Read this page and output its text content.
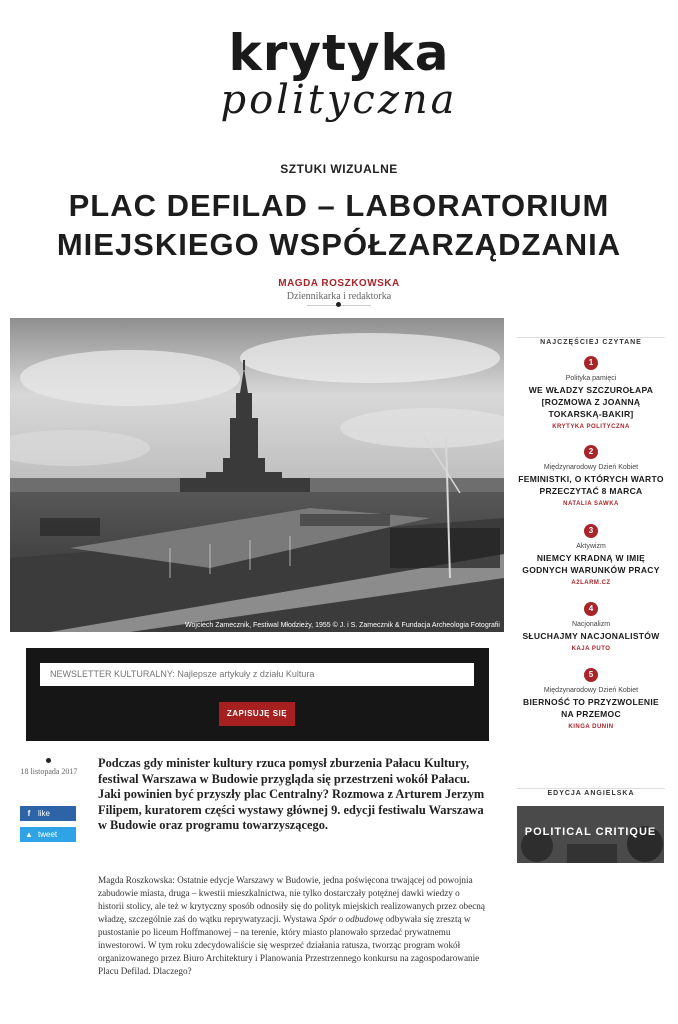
krytyka
polityczna
SZTUKI WIZUALNE
PLAC DEFILAD – LABORATORIUM MIEJSKIEGO WSPÓŁZARZĄDZANIA
MAGDA ROSZKOWSKA
Dziennikarka i redaktorka
Wojciech Zamecznik, Festiwal Młodzieży, 1955 © J. i S. Zamecznik & Fundacja Archeologia Fotografii
NEWSLETTER KULTURALNY: Najlepsze artykuły z działu Kultura
ZAPISUJĘ SIĘ
18 listopada 2017
f like
▲ tweet

Podczas gdy minister kultury rzuca pomysł zburzenia Pałacu Kultury, festiwal Warszawa w Budowie przygląda się przestrzeni wokół Pałacu. Jaki powinien być przyszły plac Centralny? Rozmowa z Arturem Jerzym Filipem, kuratorem części wystawy głównej 9. edycji festiwalu Warszawa w Budowie oraz programu towarzyszącego.

Magda Roszkowska: Ostatnie edycje Warszawy w Budowie, jedna poświęcona trwającej od powojnia zabudowie miasta, druga – kwestii mieszkalnictwa, nie tylko dostarczały potężnej dawki wiedzy o historii stolicy, ale też w krytyczny sposób odnosiły się do polityk miejskich realizowanych przez obecną władzę, szczególnie zaś do wątku reprywatyzacji. Wystawa Spór o odbudowę odbywała się zresztą w pustostanie po liceum Hoffmanowej – na terenie, który miasto planowało sprzedać prywatnemu inwestorowi. W tym roku zdecydowaliście się wesprzeć działania ratusza, tworząc program wokół organizowanego przez Biuro Architektury i Planowania Przestrzennego konkursu na zagospodarowanie Placu Defilad. Dlaczego?

NAJCZĘŚCIEJ CZYTANE
1
Polityka pamięci
WE WŁADZY SZCZUROŁAPA [ROZMOWA Z JOANNĄ TOKARSKĄ-BAKIR]
KRYTYKA POLITYCZNA
2
Międzynarodowy Dzień Kobiet
FEMINISTKI, O KTÓRYCH WARTO PRZECZYTAĆ 8 MARCA
NATALIA SAWKA
3
Aktywizm
NIEMCY KRADNĄ W IMIĘ GODNYCH WARUNKÓW PRACY
A2LARM.CZ
4
Nacjonalizm
SŁUCHAJMY NACJONALISTÓW
KAJA PUTO
5
Międzynarodowy Dzień Kobiet
BIERNOŚĆ TO PRZYZWOLENIE NA PRZEMOC
KINGA DUNIN
EDYCJA ANGIELSKA
POLITICAL CRITIQUE
